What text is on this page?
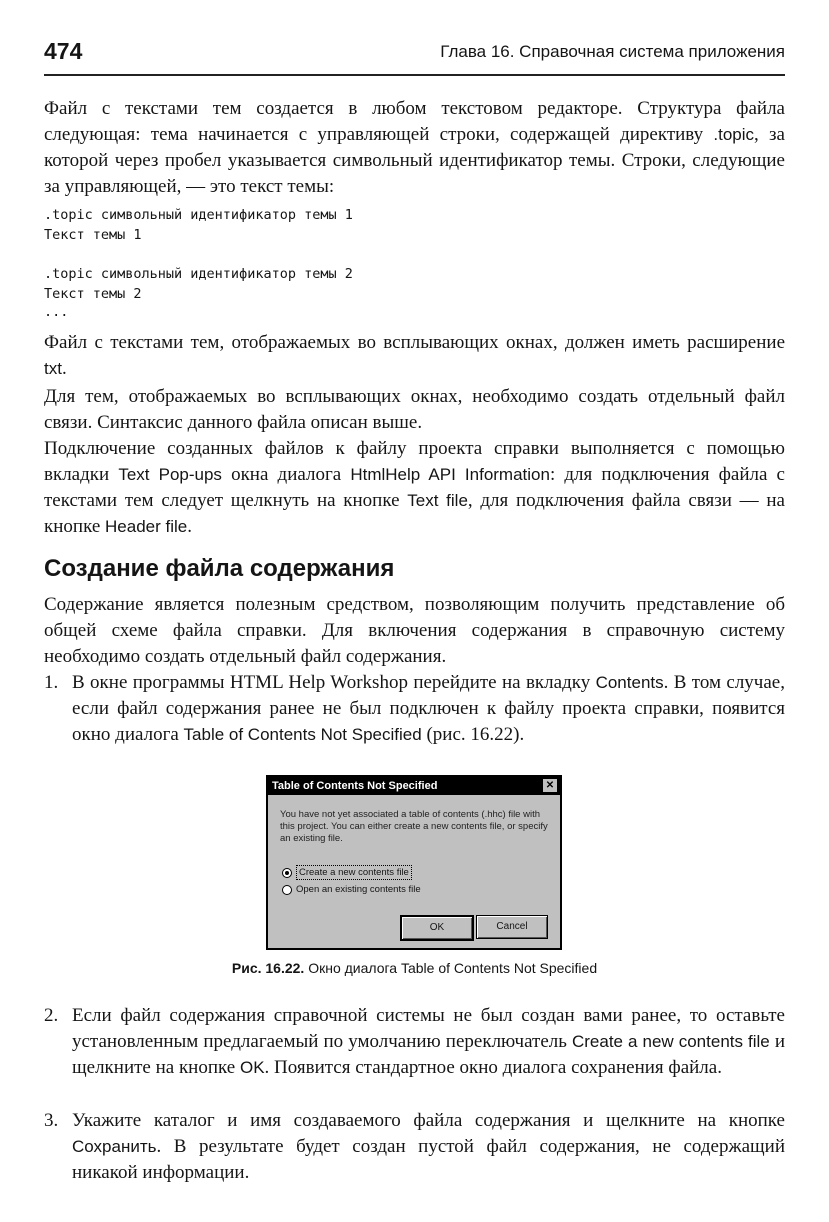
474	Глава 16. Справочная система приложения

Файл с текстами тем создается в любом текстовом редакторе. Структура файла следующая: тема начинается с управляющей строки, содержащей директиву .topic, за которой через пробел указывается символьный идентификатор темы. Строки, следующие за управляющей, — это текст темы:

.topic символьный идентификатор темы 1
Текст темы 1
.topic символьный идентификатор темы 2
Текст темы 2
...

Файл с текстами тем, отображаемых во всплывающих окнах, должен иметь расширение txt.

Для тем, отображаемых во всплывающих окнах, необходимо создать отдельный файл связи. Синтаксис данного файла описан выше.

Подключение созданных файлов к файлу проекта справки выполняется с помощью вкладки Text Pop-ups окна диалога HtmlHelp API Information: для подключения файла с текстами тем следует щелкнуть на кнопке Text file, для подключения файла связи — на кнопке Header file.

Создание файла содержания

Содержание является полезным средством, позволяющим получить представление об общей схеме файла справки. Для включения содержания в справочную систему необходимо создать отдельный файл содержания.

1. В окне программы HTML Help Workshop перейдите на вкладку Contents. В том случае, если файл содержания ранее не был подключен к файлу проекта справки, появится окно диалога Table of Contents Not Specified (рис. 16.22).
Table of Contents Not Specified	✕
You have not yet associated a table of contents (.hhc) file with this project. You can either create a new contents file, or specify an existing file.
Create a new contents file
Open an existing contents file
OK	Cancel
Рис. 16.22. Окно диалога Table of Contents Not Specified
2. Если файл содержания справочной системы не был создан вами ранее, то оставьте установленным предлагаемый по умолчанию переключатель Create a new contents file и щелкните на кнопке OK. Появится стандартное окно диалога сохранения файла.
3. Укажите каталог и имя создаваемого файла содержания и щелкните на кнопке Сохранить. В результате будет создан пустой файл содержания, не содержащий никакой информации.
